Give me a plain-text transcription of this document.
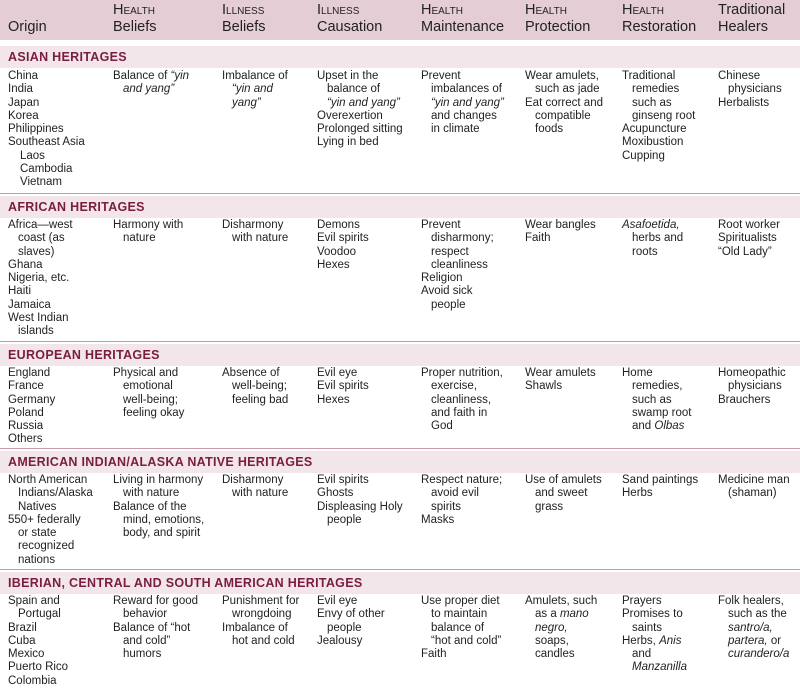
Origin
Health
Beliefs
Illness
Beliefs
Illness
Causation
Health
Maintenance
Health
Protection
Health
Restoration
Traditional
Healers
ASIAN HERITAGES
China
India
Japan
Korea
Philippines
Southeast Asia
Laos
Cambodia
Vietnam
Balance of “yin
and yang”
Imbalance of
“yin and
yang”
Upset in the
balance of
“yin and yang”
Overexertion
Prolonged sitting
Lying in bed
Prevent
imbalances of
“yin and yang”
and changes
in climate
Wear amulets,
such as jade
Eat correct and
compatible
foods
Traditional
remedies
such as
ginseng root
Acupuncture
Moxibustion
Cupping
Chinese
physicians
Herbalists
AFRICAN HERITAGES
Africa—west
coast (as
slaves)
Ghana
Nigeria, etc.
Haiti
Jamaica
West Indian
islands
Harmony with
nature
Disharmony
with nature
Demons
Evil spirits
Voodoo
Hexes
Prevent
disharmony;
respect
cleanliness
Religion
Avoid sick
people
Wear bangles
Faith
Asafoetida,
herbs and
roots
Root worker
Spiritualists
“Old Lady”
EUROPEAN HERITAGES
England
France
Germany
Poland
Russia
Others
Physical and
emotional
well-being;
feeling okay
Absence of
well-being;
feeling bad
Evil eye
Evil spirits
Hexes
Proper nutrition,
exercise,
cleanliness,
and faith in
God
Wear amulets
Shawls
Home
remedies,
such as
swamp root
and Olbas
Homeopathic
physicians
Brauchers
AMERICAN INDIAN/ALASKA NATIVE HERITAGES
North American
Indians/Alaska
Natives
550+ federally
or state
recognized
nations
Living in harmony
with nature
Balance of the
mind, emotions,
body, and spirit
Disharmony
with nature
Evil spirits
Ghosts
Displeasing Holy
people
Respect nature;
avoid evil
spirits
Masks
Use of amulets
and sweet
grass
Sand paintings
Herbs
Medicine man
(shaman)
IBERIAN, CENTRAL AND SOUTH AMERICAN HERITAGES
Spain and
Portugal
Brazil
Cuba
Mexico
Puerto Rico
Colombia
Reward for good
behavior
Balance of “hot
and cold”
humors
Punishment for
wrongdoing
Imbalance of
hot and cold
Evil eye
Envy of other
people
Jealousy
Use proper diet
to maintain
balance of
“hot and cold”
Faith
Amulets, such
as a mano
negro,
soaps,
candles
Prayers
Promises to
saints
Herbs, Anis
and
Manzanilla
Folk healers,
such as the
santro/a,
partera, or
curandero/a
